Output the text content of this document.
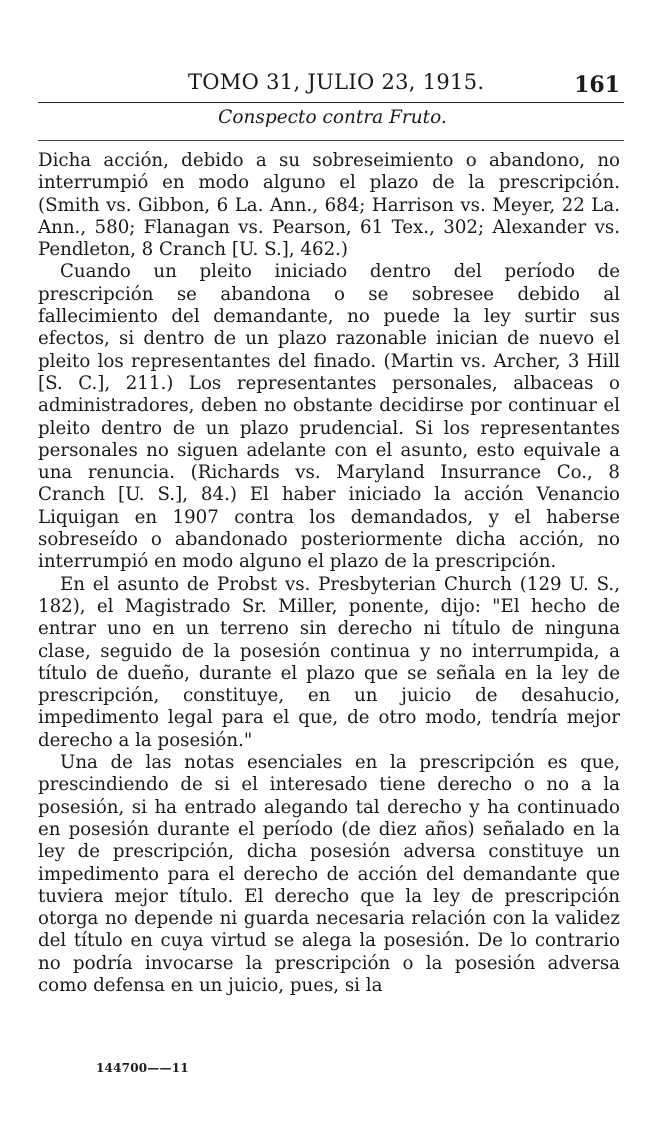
TOMO 31, JULIO 23, 1915.	161
Conspecto contra Fruto.

Dicha acción, debido a su sobreseimiento o abandono, no interrumpió en modo alguno el plazo de la prescripción. (Smith vs. Gibbon, 6 La. Ann., 684; Harrison vs. Meyer, 22 La. Ann., 580; Flanagan vs. Pearson, 61 Tex., 302; Alexander vs. Pendleton, 8 Cranch [U. S.], 462.)

Cuando un pleito iniciado dentro del período de prescripción se abandona o se sobresee debido al fallecimiento del demandante, no puede la ley surtir sus efectos, si dentro de un plazo razonable inician de nuevo el pleito los representantes del finado. (Martin vs. Archer, 3 Hill [S. C.], 211.) Los representantes personales, albaceas o administradores, deben no obstante decidirse por continuar el pleito dentro de un plazo prudencial. Si los representantes personales no siguen adelante con el asunto, esto equivale a una renuncia. (Richards vs. Maryland Insurrance Co., 8 Cranch [U. S.], 84.) El haber iniciado la acción Venancio Liquigan en 1907 contra los demandados, y el haberse sobreseído o abandonado posteriormente dicha acción, no interrumpió en modo alguno el plazo de la prescripción.

En el asunto de Probst vs. Presbyterian Church (129 U. S., 182), el Magistrado Sr. Miller, ponente, dijo: "El hecho de entrar uno en un terreno sin derecho ni título de ninguna clase, seguido de la posesión continua y no interrumpida, a título de dueño, durante el plazo que se señala en la ley de prescripción, constituye, en un juicio de desahucio, impedimento legal para el que, de otro modo, tendría mejor derecho a la posesión."

Una de las notas esenciales en la prescripción es que, prescindiendo de si el interesado tiene derecho o no a la posesión, si ha entrado alegando tal derecho y ha continuado en posesión durante el período (de diez años) señalado en la ley de prescripción, dicha posesión adversa constituye un impedimento para el derecho de acción del demandante que tuviera mejor título. El derecho que la ley de prescripción otorga no depende ni guarda necesaria relación con la validez del título en cuya virtud se alega la posesión. De lo contrario no podría invocarse la prescripción o la posesión adversa como defensa en un juicio, pues, si la

144700——11
